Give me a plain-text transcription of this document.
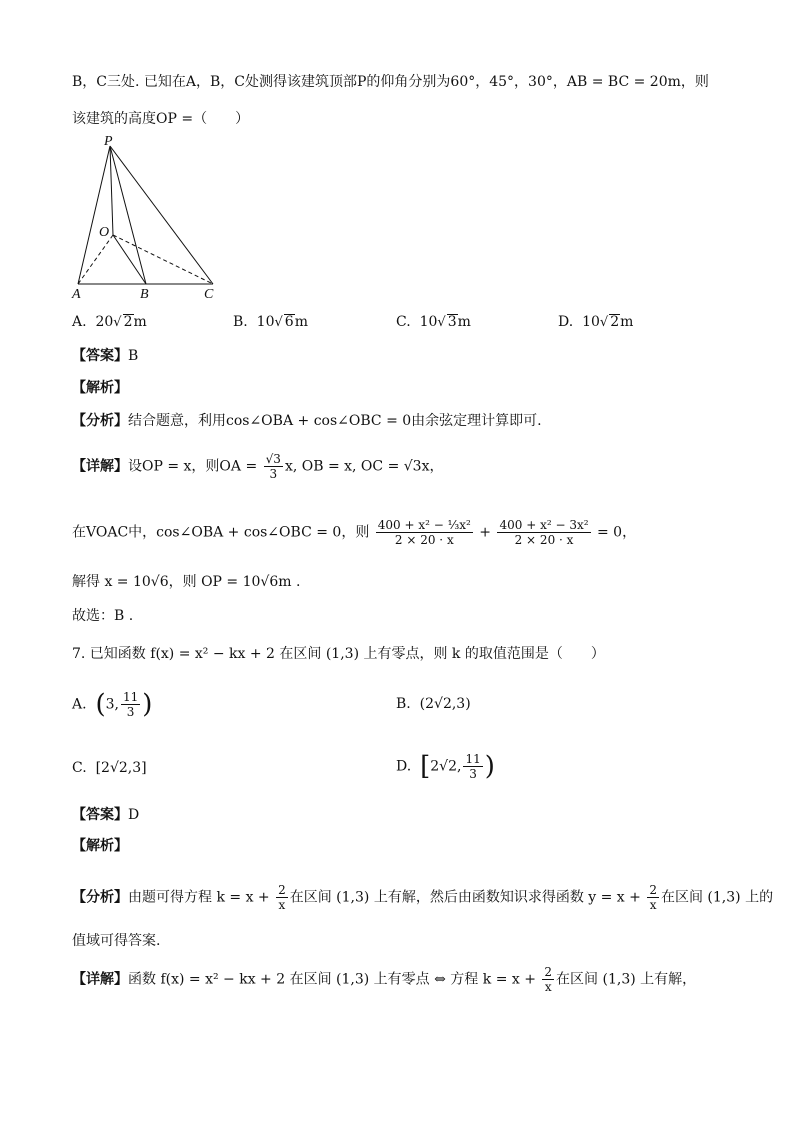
B，C三处. 已知在A，B，C处测得该建筑顶部P的仰角分别为60°，45°，30°，AB = BC = 20m，则
该建筑的高度OP =（　　）
P
O
A	B	C
A. 20√ 2m	B. 10√ 6m	C. 10√ 3m	D. 10√ 2m
【答案】B
【解析】
【分析】结合题意，利用cos∠OBA + cos∠OBC = 0由余弦定理计算即可.
【详解】设OP = x，则OA = $\frac{√3}{3} x$, OB = x, OC = √3x，
在VOAC中，cos∠OBA + cos∠OBC = 0，则 $\frac{\text{400 + x² − ⅓x²}}{2 \times 20 \cdot x} + \frac{\text{400 + x² − 3x²}}{2 \times 20 \cdot x} = 0$，
解得 x = 10√6，则 OP = 10√6m .
故选：B .
7. 已知函数 f(x) = x² − kx + 2 在区间 (1,3) 上有零点，则 k 的取值范围是（　　）
A. (3, $\frac{11}{3}$ )	B. (2√2,3)
C. [2√2,3]	D. [2√2, $\frac{11}{3}$ )
【答案】D
【解析】
【分析】由题可得方程 $k = x + \frac{2}{x}$ 在区间 (1,3) 上有解，然后由函数知识求得函数 $y = x + \frac{2}{x}$ 在区间 (1,3) 上的
值域可得答案.
【详解】函数 f(x) = x² − kx + 2 在区间 (1,3) 上有零点 ⇔ 方程 $k = x + \frac{2}{x}$ 在区间 (1,3) 上有解，
